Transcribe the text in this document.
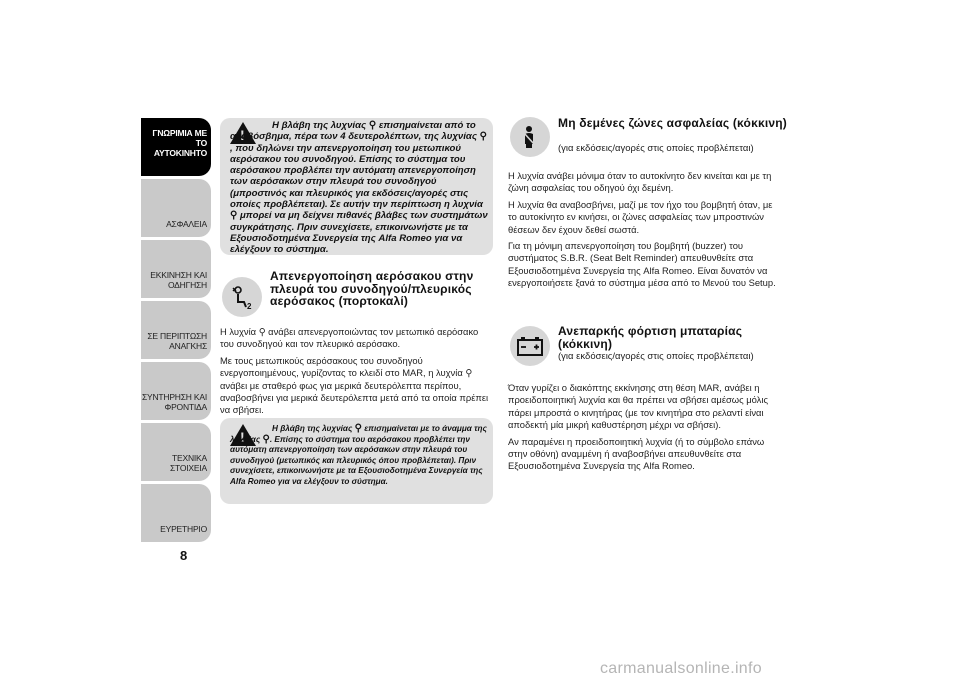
ΓΝΩΡΙΜΙΑ ΜΕ ΤΟ
ΑΥΤΟΚΙΝΗΤΟ
ΑΣΦΑΛΕΙΑ
ΕΚΚΙΝΗΣΗ ΚΑΙ
ΟΔΗΓΗΣΗ
ΣΕ ΠΕΡΙΠΤΩΣΗ
ΑΝΑΓΚΗΣ
ΣΥΝΤΗΡΗΣΗ ΚΑΙ
ΦΡΟΝΤΙΔΑ
ΤΕΧΝΙΚΑ ΣΤΟΙΧΕΙΑ
ΕΥΡΕΤΗΡΙΟ
8
!
Η βλάβη της λυχνίας ⚲ επισημαίνεται από το αναβόσβημα, πέρα των 4 δευτερολέπτων, της λυχνίας ⚲ , που δηλώνει την απενεργοποίηση του μετωπικού αερόσακου του συνοδηγού. Επίσης το σύστημα του αερόσακου προβλέπει την αυτόματη απενεργοποίηση των αερόσακων στην πλευρά του συνοδηγού (μπροστινός και πλευρικός για εκδόσεις/αγορές στις οποίες προβλέπεται). Σε αυτήν την περίπτωση η λυχνία ⚲ μπορεί να μη δείχνει πιθανές βλάβες των συστημάτων συγκράτησης. Πριν συνεχίσετε, επικοινωνήστε με τα Εξουσιοδοτημένα Συνεργεία της Alfa Romeo για να ελέγξουν το σύστημα.
2
Απενεργοποίηση αερόσακου στην πλευρά του συνοδηγού/πλευρικός αερόσακος (πορτοκαλί)

Η λυχνία ⚲ ανάβει απενεργοποιώντας τον μετωπικό αερόσακο του συνοδηγού και τον πλευρικό αερόσακο.

Με τους μετωπικούς αερόσακους του συνοδηγού ενεργοποιημένους, γυρίζοντας το κλειδί στο MAR, η λυχνία ⚲ ανάβει με σταθερό φως για μερικά δευτερόλεπτα περίπου, αναβοσβήνει για μερικά δευτερόλεπτα μετά από τα οποία πρέπει να σβήσει.

!
Η βλάβη της λυχνίας ⚲ επισημαίνεται με το άναμμα της λυχνίας ⚲. Επίσης το σύστημα του αερόσακου προβλέπει την αυτόματη απενεργοποίηση των αερόσακων στην πλευρά του συνοδηγού (μετωπικός και πλευρικός όπου προβλέπεται). Πριν συνεχίσετε, επικοινωνήστε με τα Εξουσιοδοτημένα Συνεργεία της Alfa Romeo για να ελέγξουν το σύστημα.
Μη δεμένες ζώνες ασφαλείας (κόκκινη)
(για εκδόσεις/αγορές στις οποίες προβλέπεται)

Η λυχνία ανάβει μόνιμα όταν το αυτοκίνητο δεν κινείται και με τη ζώνη ασφαλείας του οδηγού όχι δεμένη.

Η λυχνία θα αναβοσβήνει, μαζί με τον ήχο του βομβητή όταν, με το αυτοκίνητο εν κινήσει, οι ζώνες ασφαλείας των μπροστινών θέσεων δεν έχουν δεθεί σωστά.

Για τη μόνιμη απενεργοποίηση του βομβητή (buzzer) του συστήματος S.B.R. (Seat Belt Reminder) απευθυνθείτε στα Εξουσιοδοτημένα Συνεργεία της Alfa Romeo. Είναι δυνατόν να ενεργοποιήσετε ξανά το σύστημα μέσα από το Μενού του Setup.

Ανεπαρκής φόρτιση μπαταρίας (κόκκινη)
(για εκδόσεις/αγορές στις οποίες προβλέπεται)

Όταν γυρίζει ο διακόπτης εκκίνησης στη θέση MAR, ανάβει η προειδοποιητική λυχνία και θα πρέπει να σβήσει αμέσως μόλις πάρει μπροστά ο κινητήρας (με τον κινητήρα στο ρελαντί είναι αποδεκτή μία μικρή καθυστέρηση μέχρι να σβήσει).

Αν παραμένει η προειδοποιητική λυχνία (ή το σύμβολο επάνω στην οθόνη) αναμμένη ή αναβοσβήνει απευθυνθείτε στα Εξουσιοδοτημένα Συνεργεία της Alfa Romeo.

carmanualsonline.info
